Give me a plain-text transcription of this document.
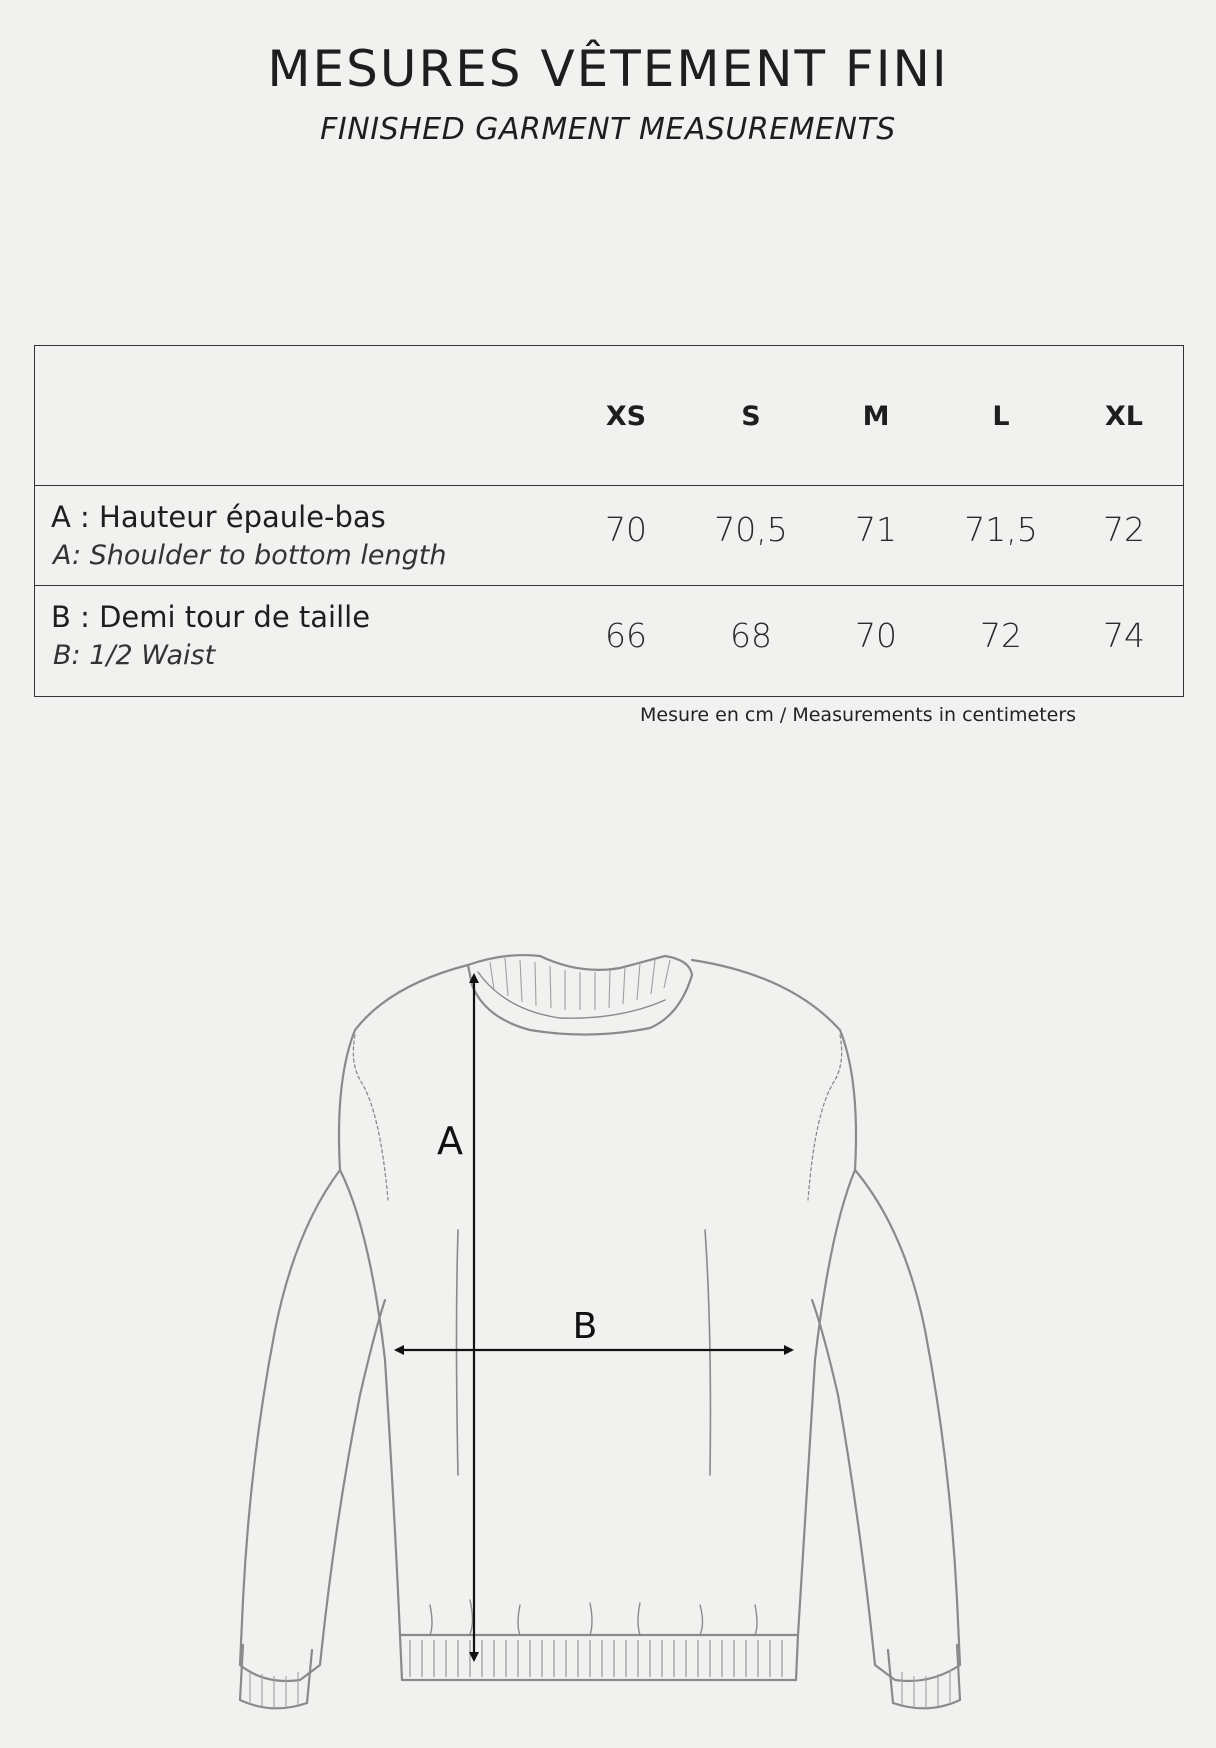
MESURES VÊTEMENT FINI
FINISHED GARMENT MEASUREMENTS
XS	S	M	L	XL
A : Hauteur épaule-bas
A: Shoulder to bottom length
70	70,5	71	71,5	72
B : Demi tour de taille
B: 1/2 Waist
66	68	70	72	74
Mesure en cm / Measurements in centimeters
A
B
